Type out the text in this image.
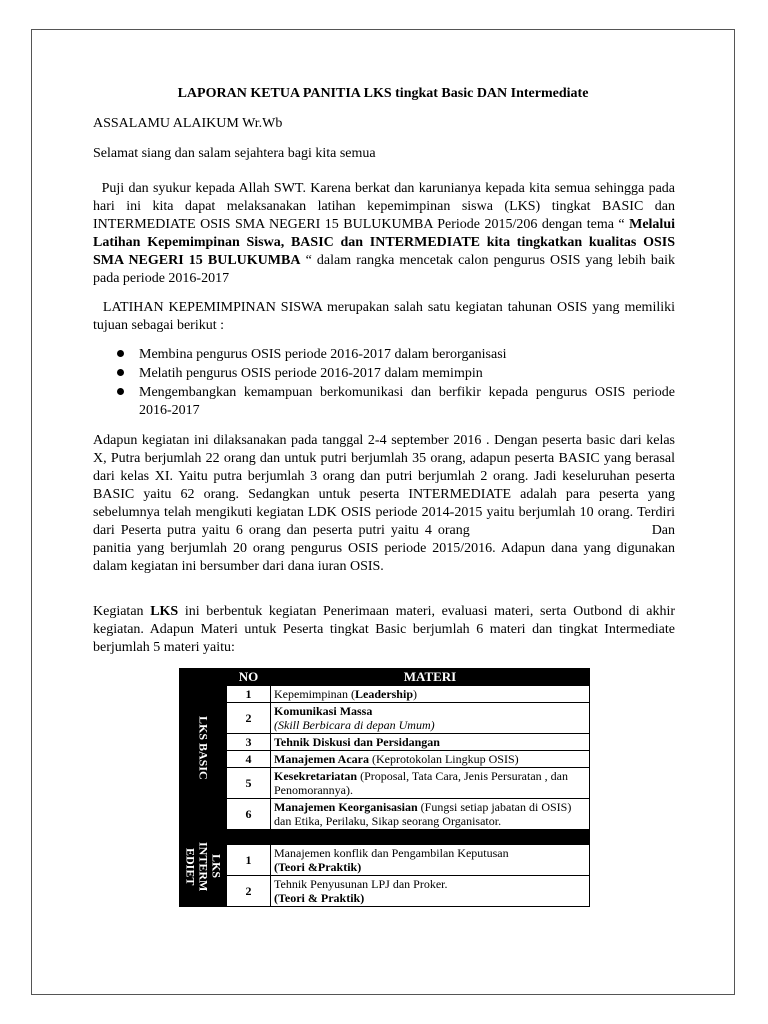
LAPORAN KETUA PANITIA LKS tingkat Basic DAN Intermediate

ASSALAMU ALAIKUM Wr.Wb

Selamat siang dan salam sejahtera bagi kita semua

Puji dan syukur kepada Allah SWT. Karena berkat dan karunianya kepada kita semua sehingga pada hari ini kita dapat melaksanakan latihan kepemimpinan siswa (LKS) tingkat BASIC dan INTERMEDIATE OSIS SMA NEGERI 15 BULUKUMBA Periode 2015/206 dengan tema “ Melalui Latihan Kepemimpinan Siswa, BASIC dan INTERMEDIATE kita tingkatkan kualitas OSIS SMA NEGERI 15 BULUKUMBA “ dalam rangka mencetak calon pengurus OSIS yang lebih baik pada periode 2016-2017

LATIHAN KEPEMIMPINAN SISWA merupakan salah satu kegiatan tahunan OSIS yang memiliki tujuan sebagai berikut :

Membina pengurus OSIS periode 2016-2017 dalam berorganisasi
Melatih pengurus OSIS periode 2016-2017 dalam memimpin
Mengembangkan kemampuan berkomunikasi dan berfikir kepada pengurus OSIS periode 2016-2017

Adapun kegiatan ini dilaksanakan pada tanggal 2-4 september 2016 . Dengan peserta basic dari kelas X, Putra berjumlah 22 orang dan untuk putri berjumlah 35 orang, adapun peserta BASIC yang berasal dari kelas XI. Yaitu putra berjumlah 3 orang dan putri berjumlah 2 orang. Jadi keseluruhan peserta BASIC yaitu 62 orang. Sedangkan untuk peserta INTERMEDIATE adalah para peserta yang sebelumnya telah mengikuti kegiatan LDK OSIS periode 2014-2015 yaitu berjumlah 10 orang. Terdiri dari Peserta putra yaitu 6 orang dan peserta putri yaitu 4 orang	Dan panitia yang berjumlah 20 orang pengurus OSIS periode 2015/2016. Adapun dana yang digunakan dalam kegiatan ini bersumber dari dana iuran OSIS.

Kegiatan LKS ini berbentuk kegiatan Penerimaan materi, evaluasi materi, serta Outbond di akhir kegiatan. Adapun Materi untuk Peserta tingkat Basic berjumlah 6 materi dan tingkat Intermediate berjumlah 5 materi yaitu:

LKS BASIC	NO	MATERI
	1	Kepemimpinan (Leadership)
	2	Komunikasi Massa
(Skill Berbicara di depan Umum)
	3	Tehnik Diskusi dan Persidangan
	4	Manajemen Acara (Keprotokolan Lingkup OSIS)
	5	Kesekretariatan (Proposal, Tata Cara, Jenis Persuratan , dan Penomorannya).
	6	Manajemen Keorganisasian (Fungsi setiap jabatan di OSIS) dan Etika, Perilaku, Sikap seorang Organisator.
LKS INTERM EDIET		
	1	Manajemen konflik dan Pengambilan Keputusan
(Teori &Praktik)
	2	Tehnik Penyusunan LPJ dan Proker.
(Teori & Praktik)
